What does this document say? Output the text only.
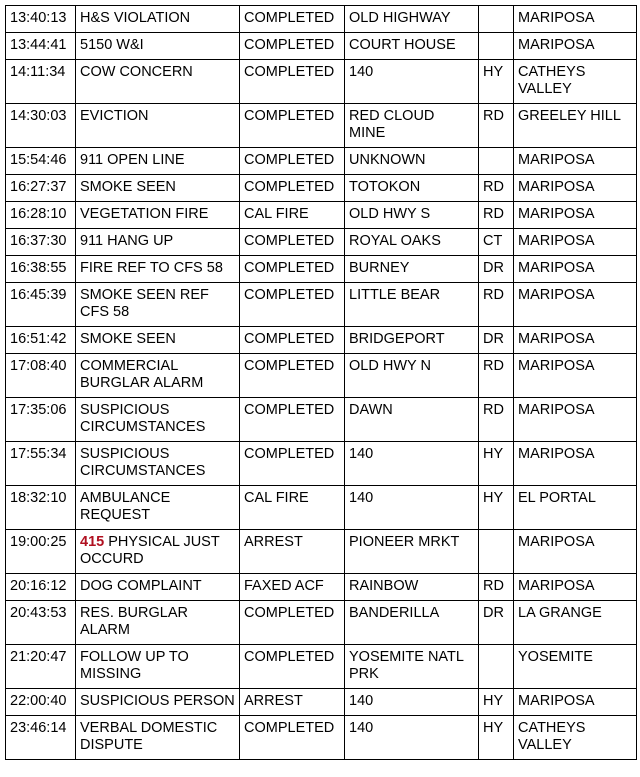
13:40:13	H&S VIOLATION	COMPLETED	OLD HIGHWAY		MARIPOSA
13:44:41	5150 W&I	COMPLETED	COURT HOUSE		MARIPOSA
14:11:34	COW CONCERN	COMPLETED	140	HY	CATHEYS VALLEY
14:30:03	EVICTION	COMPLETED	RED CLOUD MINE	RD	GREELEY HILL
15:54:46	911 OPEN LINE	COMPLETED	UNKNOWN		MARIPOSA
16:27:37	SMOKE SEEN	COMPLETED	TOTOKON	RD	MARIPOSA
16:28:10	VEGETATION FIRE	CAL FIRE	OLD HWY S	RD	MARIPOSA
16:37:30	911 HANG UP	COMPLETED	ROYAL OAKS	CT	MARIPOSA
16:38:55	FIRE REF TO CFS 58	COMPLETED	BURNEY	DR	MARIPOSA
16:45:39	SMOKE SEEN REF CFS 58	COMPLETED	LITTLE BEAR	RD	MARIPOSA
16:51:42	SMOKE SEEN	COMPLETED	BRIDGEPORT	DR	MARIPOSA
17:08:40	COMMERCIAL BURGLAR ALARM	COMPLETED	OLD HWY N	RD	MARIPOSA
17:35:06	SUSPICIOUS CIRCUMSTANCES	COMPLETED	DAWN	RD	MARIPOSA
17:55:34	SUSPICIOUS CIRCUMSTANCES	COMPLETED	140	HY	MARIPOSA
18:32:10	AMBULANCE REQUEST	CAL FIRE	140	HY	EL PORTAL
19:00:25	415 PHYSICAL JUST OCCURD	ARREST	PIONEER MRKT		MARIPOSA
20:16:12	DOG COMPLAINT	FAXED ACF	RAINBOW	RD	MARIPOSA
20:43:53	RES. BURGLAR ALARM	COMPLETED	BANDERILLA	DR	LA GRANGE
21:20:47	FOLLOW UP TO MISSING	COMPLETED	YOSEMITE NATL PRK		YOSEMITE
22:00:40	SUSPICIOUS PERSON	ARREST	140	HY	MARIPOSA
23:46:14	VERBAL DOMESTIC DISPUTE	COMPLETED	140	HY	CATHEYS VALLEY
